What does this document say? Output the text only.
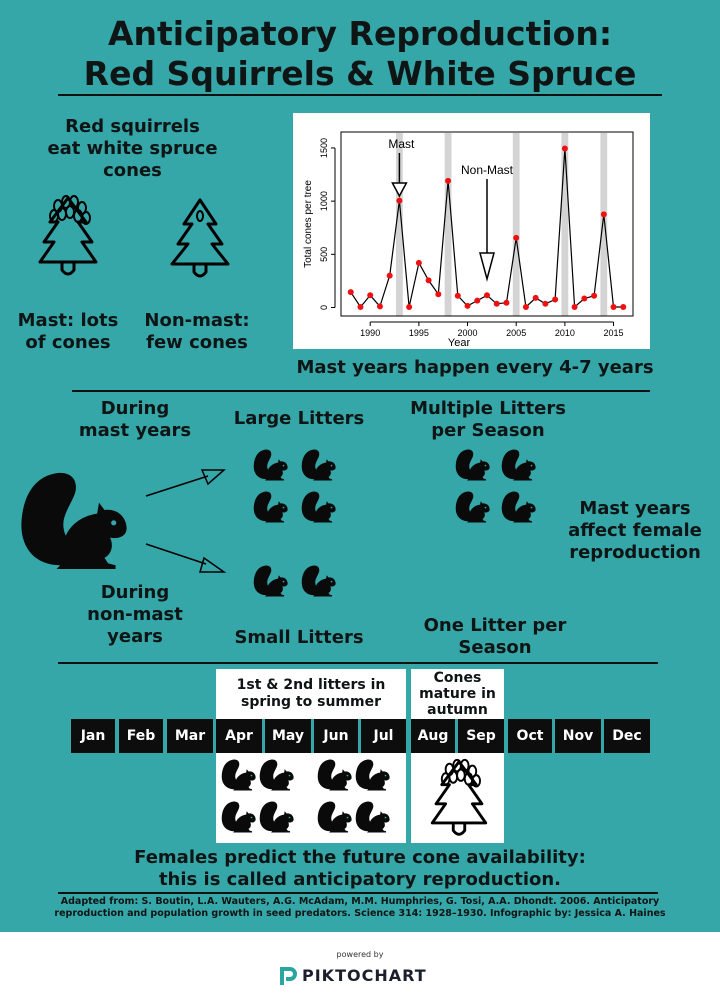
Anticipatory Reproduction:
Red Squirrels & White Spruce
Red squirrels
eat white spruce
cones
Mast: lots
of cones
Non-mast:
few cones	1990	1995	2000	2005	2010	2015
0
500
1000
1500	Mast
Non-Mast
Year
Total cones per tree
Mast years happen every 4-7 years
During
mast years
Large Litters	Multiple Litters
per Season
Mast years
affect female
reproduction
During
non-mast
years	Small Litters
One Litter per
Season
1st & 2nd litters in
spring to summer
Cones
mature in
autumn
Jan	Feb	Mar	Apr	May	Jun	Jul	Aug	Sep	Oct	Nov	Dec
Females predict the future cone availability:
this is called anticipatory reproduction.
Adapted from: S. Boutin, L.A. Wauters, A.G. McAdam, M.M. Humphries, G. Tosi, A.A. Dhondt. 2006. Anticipatory
reproduction and population growth in seed predators. Science 314: 1928–1930. Infographic by: Jessica A. Haines
powered by
PIKTOCHART
